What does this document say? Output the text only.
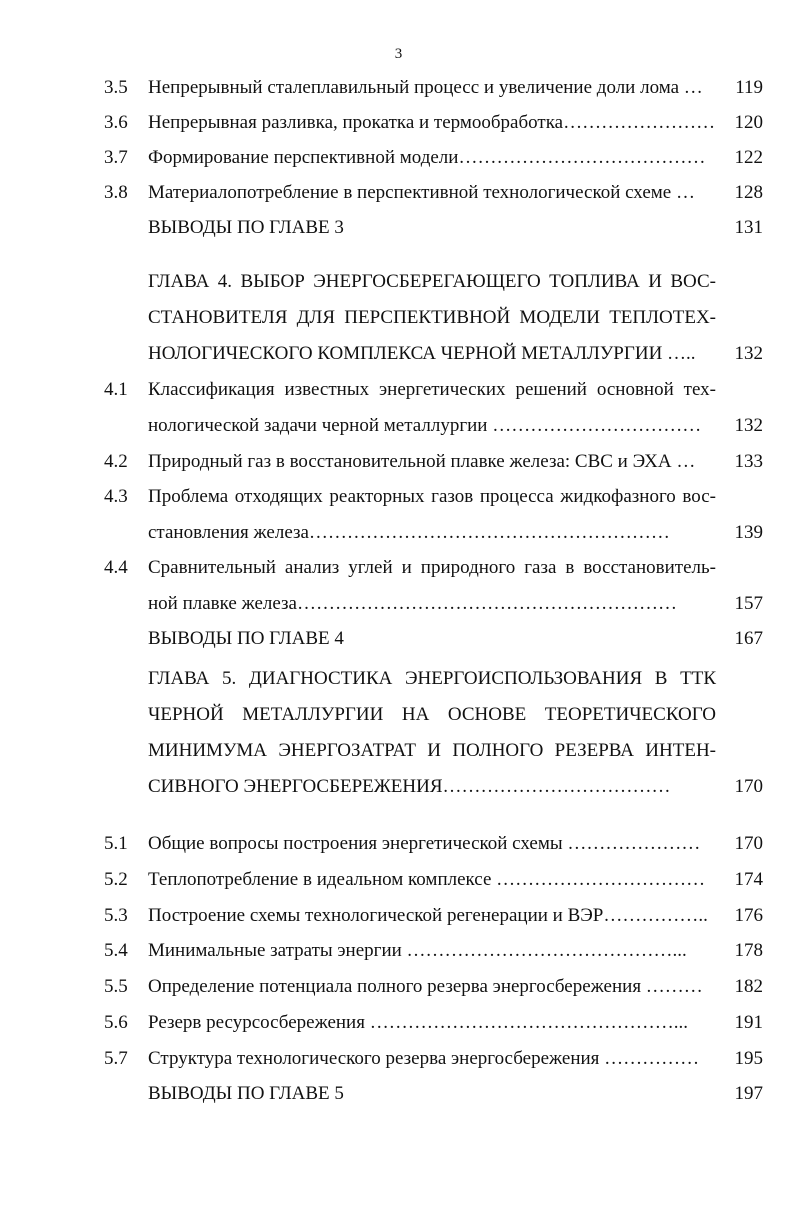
3
3.5 Непрерывный сталеплавильный процесс и увеличение доли лома … 119
3.6 Непрерывная разливка, прокатка и термообработка…………………… 120
3.7 Формирование перспективной модели………………………………… 122
3.8 Материалопотребление в перспективной технологической схеме … 128
ВЫВОДЫ ПО ГЛАВЕ 3	131
ГЛАВА 4. ВЫБОР ЭНЕРГОСБЕРЕГАЮЩЕГО ТОПЛИВА И ВОС-
СТАНОВИТЕЛЯ ДЛЯ ПЕРСПЕКТИВНОЙ МОДЕЛИ ТЕПЛОТЕХ-
НОЛОГИЧЕСКОГО КОМПЛЕКСА ЧЕРНОЙ МЕТАЛЛУРГИИ ….. 132
4.1 Классификация известных энергетических решений основной тех-
нологической задачи черной металлургии …………………………… 132
4.2 Природный газ в восстановительной плавке железа: СВС и ЭХА … 133
4.3 Проблема отходящих реакторных газов процесса жидкофазного вос-
становления железа…………………………………………………	139
4.4 Сравнительный анализ углей и природного газа в восстановитель-
ной плавке железа……………………………………………………	157
ВЫВОДЫ ПО ГЛАВЕ 4	167
ГЛАВА 5. ДИАГНОСТИКА ЭНЕРГОИСПОЛЬЗОВАНИЯ В ТТК
ЧЕРНОЙ МЕТАЛЛУРГИИ НА ОСНОВЕ ТЕОРЕТИЧЕСКОГО
МИНИМУМА ЭНЕРГОЗАТРАТ И ПОЛНОГО РЕЗЕРВА ИНТЕН-
СИВНОГО ЭНЕРГОСБЕРЕЖЕНИЯ………………………………	170
5.1 Общие вопросы построения энергетической схемы ………………… 170
5.2 Теплопотребление в идеальном комплексе …………………………… 174
5.3 Построение схемы технологической регенерации и ВЭР…………….. 176
5.4 Минимальные затраты энергии ……………………………………...	178
5.5 Определение потенциала полного резерва энергосбережения ……… 182
5.6 Резерв ресурсосбережения …………………………………………... 191
5.7 Структура технологического резерва энергосбережения …………… 195
ВЫВОДЫ ПО ГЛАВЕ 5	197
